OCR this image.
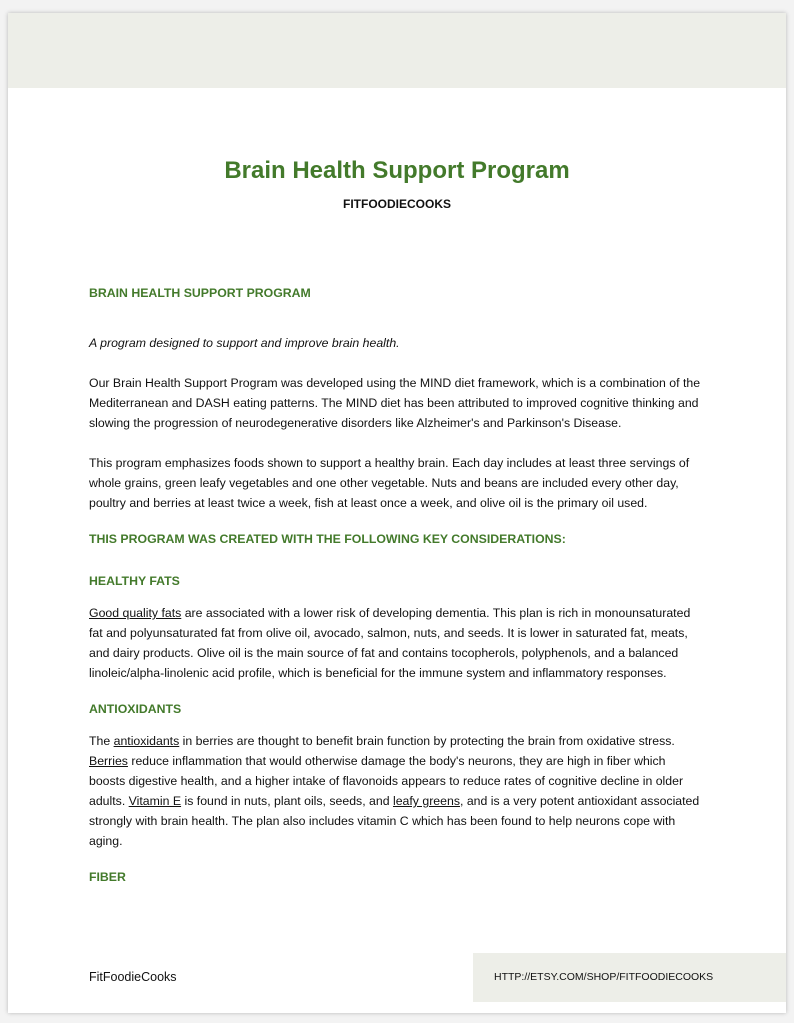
Brain Health Support Program
FITFOODIECOOKS

BRAIN HEALTH SUPPORT PROGRAM

A program designed to support and improve brain health.

Our Brain Health Support Program was developed using the MIND diet framework, which is a combination of the Mediterranean and DASH eating patterns. The MIND diet has been attributed to improved cognitive thinking and slowing the progression of neurodegenerative disorders like Alzheimer's and Parkinson's Disease.

This program emphasizes foods shown to support a healthy brain. Each day includes at least three servings of whole grains, green leafy vegetables and one other vegetable. Nuts and beans are included every other day, poultry and berries at least twice a week, fish at least once a week, and olive oil is the primary oil used.

THIS PROGRAM WAS CREATED WITH THE FOLLOWING KEY CONSIDERATIONS:

HEALTHY FATS

Good quality fats are associated with a lower risk of developing dementia. This plan is rich in monounsaturated fat and polyunsaturated fat from olive oil, avocado, salmon, nuts, and seeds. It is lower in saturated fat, meats, and dairy products. Olive oil is the main source of fat and contains tocopherols, polyphenols, and a balanced linoleic/alpha-linolenic acid profile, which is beneficial for the immune system and inflammatory responses.

ANTIOXIDANTS

The antioxidants in berries are thought to benefit brain function by protecting the brain from oxidative stress. Berries reduce inflammation that would otherwise damage the body's neurons, they are high in fiber which boosts digestive health, and a higher intake of flavonoids appears to reduce rates of cognitive decline in older adults. Vitamin E is found in nuts, plant oils, seeds, and leafy greens, and is a very potent antioxidant associated strongly with brain health. The plan also includes vitamin C which has been found to help neurons cope with aging.

FIBER

FitFoodieCooks	HTTP://ETSY.COM/SHOP/FITFOODIECOOKS
